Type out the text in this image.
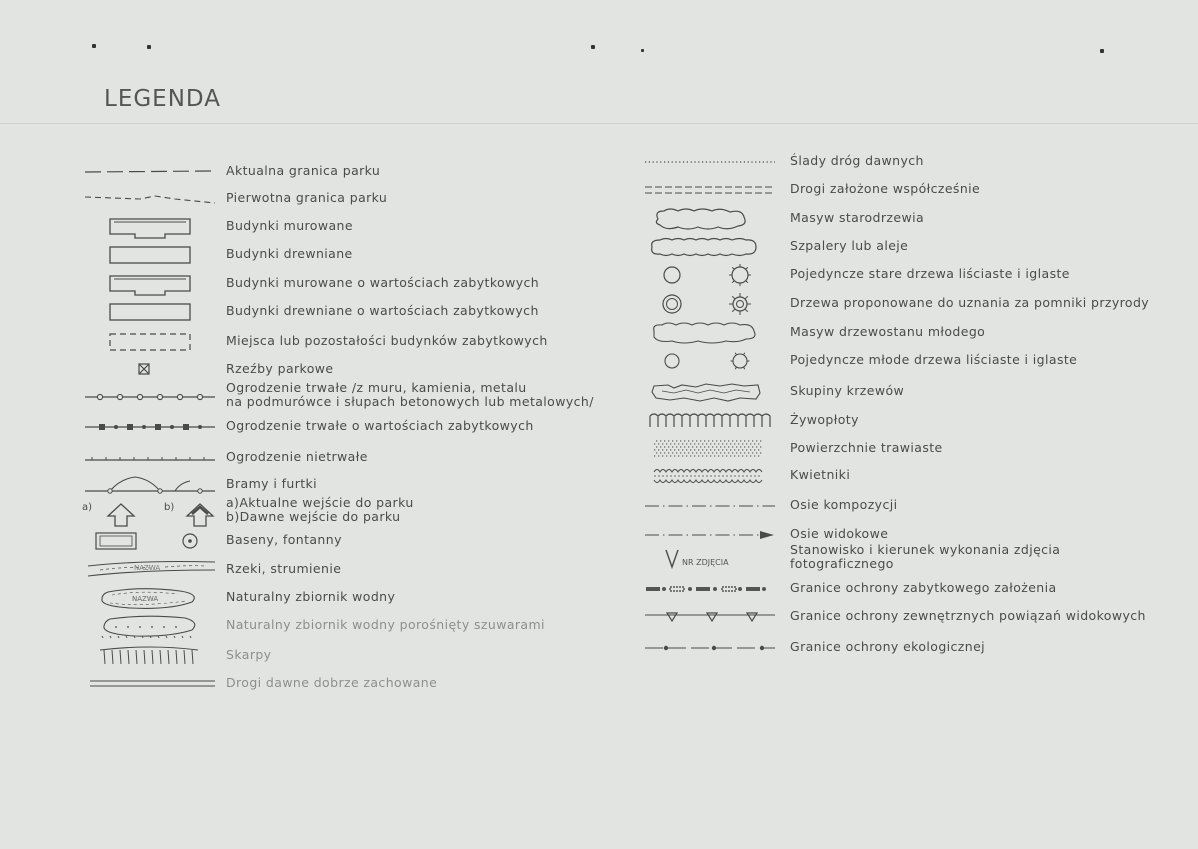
LEGENDA
Aktualna granica parku
Pierwotna granica parku
Budynki murowane
Budynki drewniane
Budynki murowane o wartościach zabytkowych
Budynki drewniane o wartościach zabytkowych
Miejsca lub pozostałości budynków zabytkowych
Rzeźby parkowe
Ogrodzenie trwałe /z muru, kamienia, metalu
na podmurówce i słupach betonowych lub metalowych/
Ogrodzenie trwałe o wartościach zabytkowych
Ogrodzenie nietrwałe
Bramy i furtki
a)	b)	a)Aktualne wejście do parku
b)Dawne wejście do parku
Baseny, fontanny
NAZWA	Rzeki, strumienie
NAZWA	Naturalny zbiornik wodny
Naturalny zbiornik wodny porośnięty szuwarami
Skarpy
Drogi dawne dobrze zachowane
Ślady dróg dawnych
Drogi założone współcześnie
Masyw starodrzewia
Szpalery lub aleje
Pojedyncze stare drzewa liściaste i iglaste
Drzewa proponowane do uznania za pomniki przyrody
Masyw drzewostanu młodego
Pojedyncze młode drzewa liściaste i iglaste
Skupiny krzewów
Żywopłoty
Powierzchnie trawiaste
Kwietniki
Osie kompozycji
Osie widokowe
NR ZDJĘCIA
Stanowisko i kierunek wykonania zdjęcia
fotograficznego
Granice ochrony zabytkowego założenia
Granice ochrony zewnętrznych powiązań widokowych
Granice ochrony ekologicznej
